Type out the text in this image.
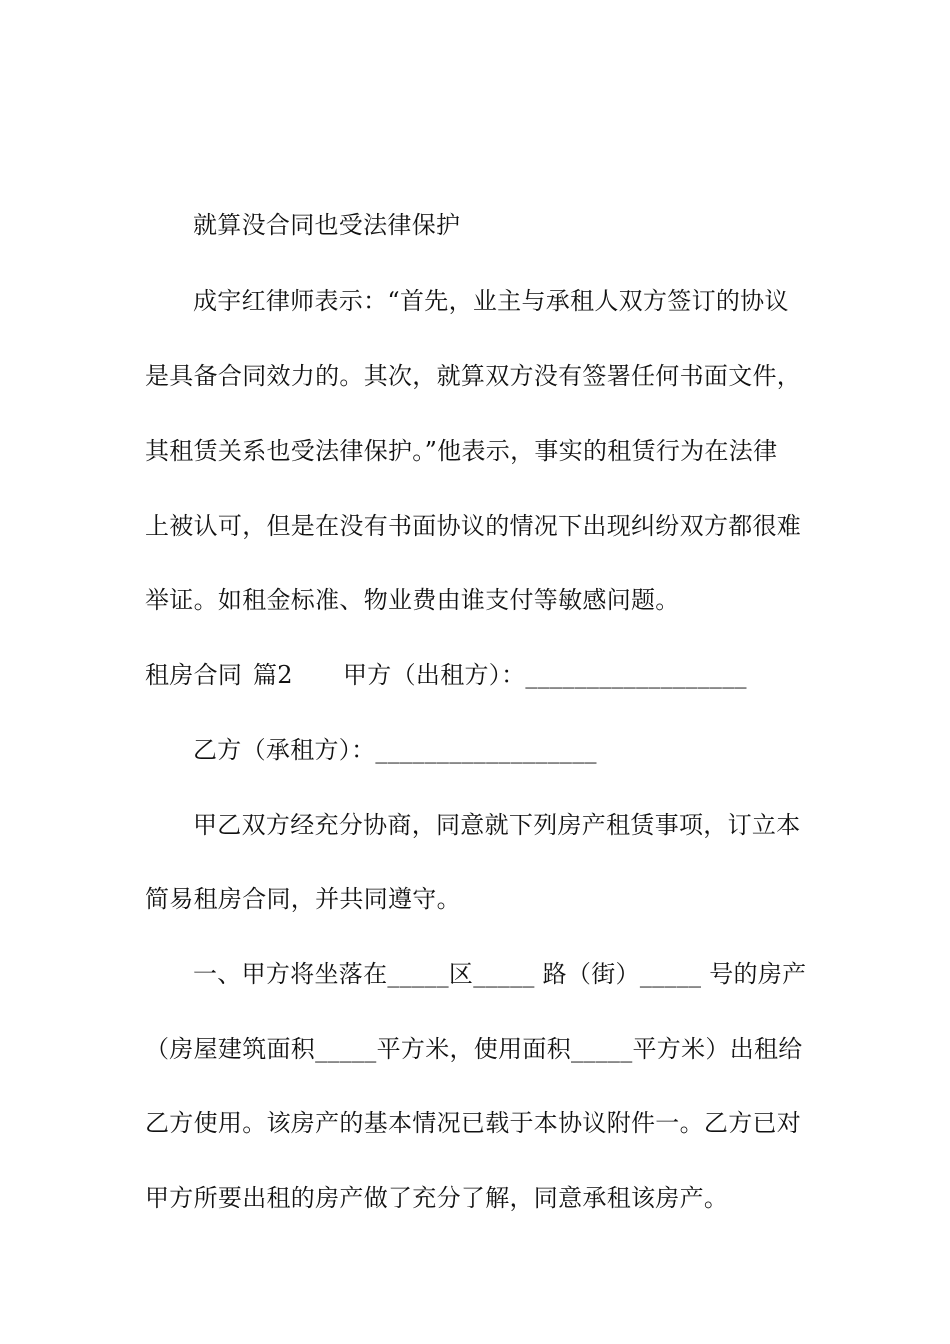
就算没合同也受法律保护
成宇红律师表示：“首先，业主与承租人双方签订的协议
是具备合同效力的。其次，就算双方没有签署任何书面文件，
其租赁关系也受法律保护。”他表示，事实的租赁行为在法律
上被认可，但是在没有书面协议的情况下出现纠纷双方都很难
举证。如租金标准、物业费由谁支付等敏感问题。
租房合同 篇2 甲方（出租方）：__________________
乙方（承租方）：__________________
甲乙双方经充分协商，同意就下列房产租赁事项，订立本
简易租房合同，并共同遵守。
一、甲方将坐落在_____区_____ 路（街）_____ 号的房产
（房屋建筑面积_____平方米，使用面积_____平方米）出租给
乙方使用。该房产的基本情况已载于本协议附件一。乙方已对
甲方所要出租的房产做了充分了解，同意承租该房产。
